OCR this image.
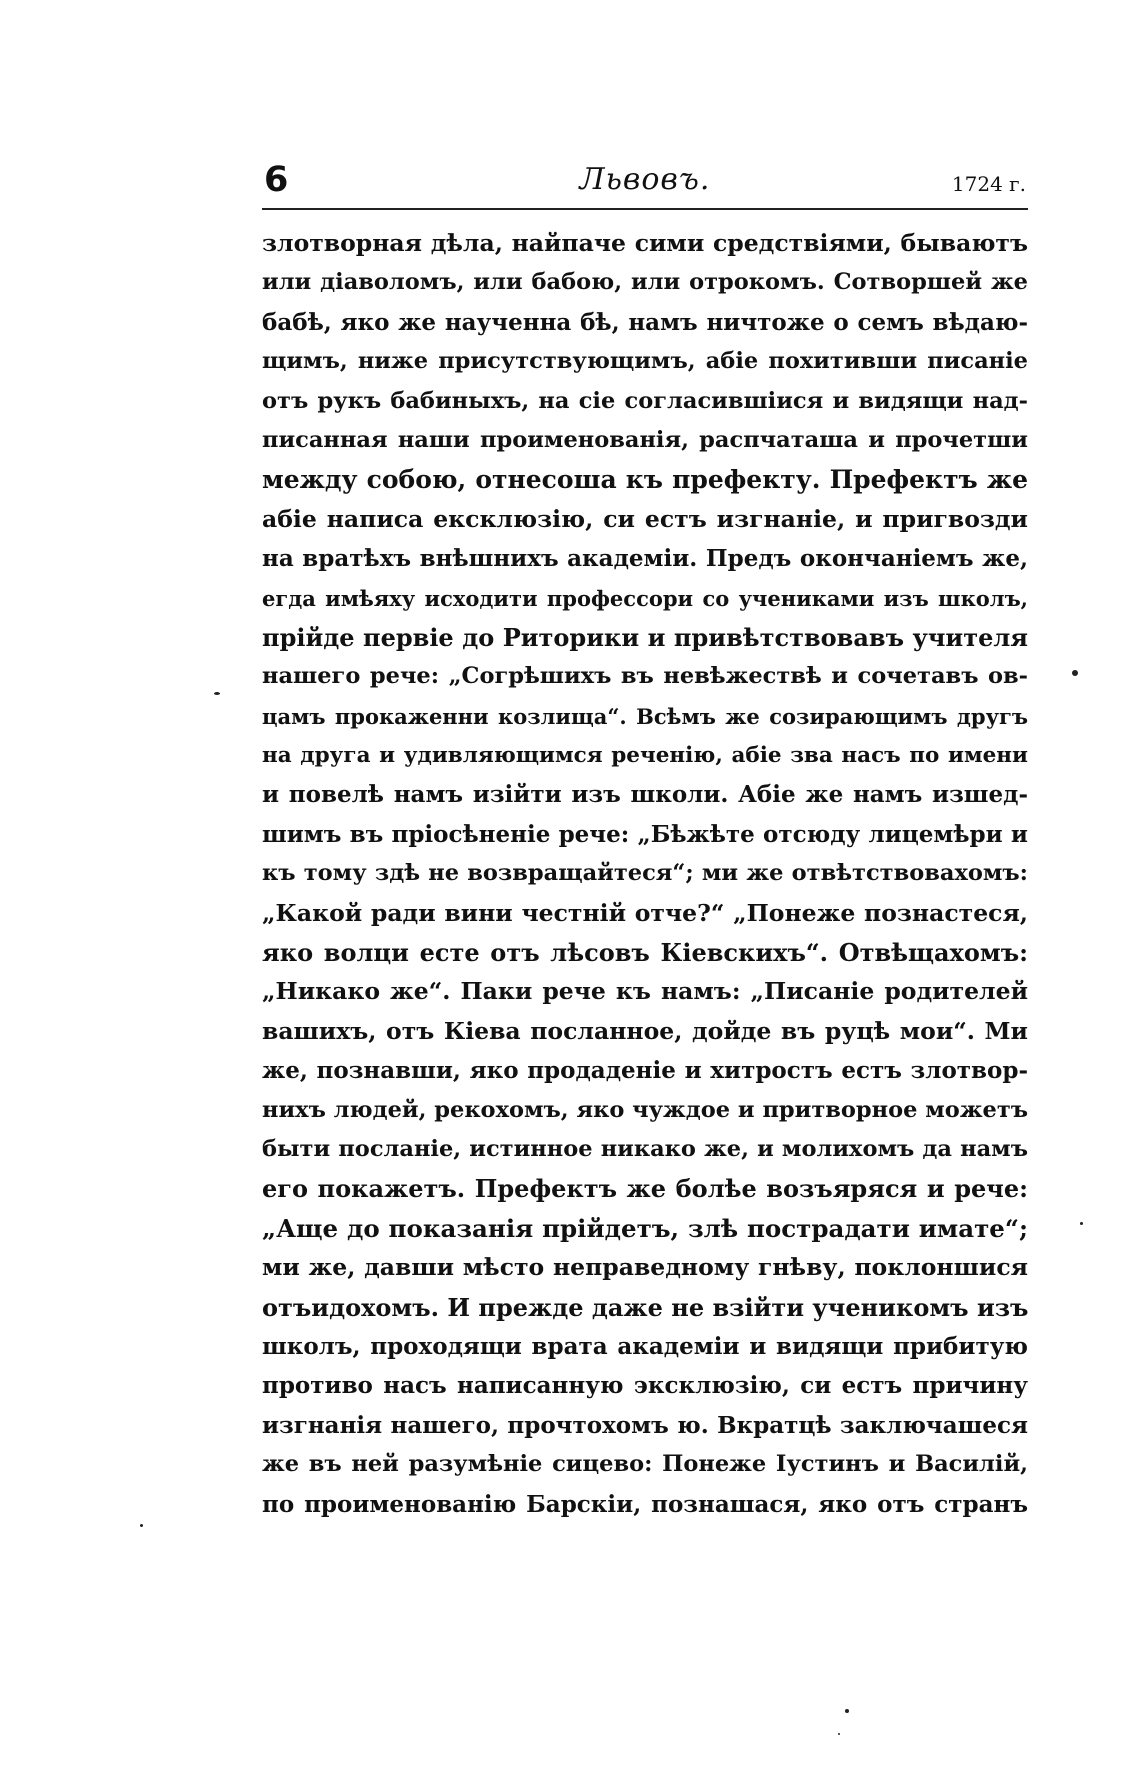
6	Львовъ.	1724 г.
злотворная дѣла, найпаче сими средствіями, бываютъ
или діаволомъ, или бабою, или отрокомъ. Сотворшей же
бабѣ, яко же наученна бѣ, намъ ничтоже о семъ вѣдаю-
щимъ, ниже присутствующимъ, абіе похитивши писаніе
отъ рукъ бабиныхъ, на сіе согласившіися и видящи над-
писанная наши проименованія, распчаташа и прочетши
между собою, отнесоша къ префекту. Префектъ же
абіе написа ексклюзію, си естъ изгнаніе, и пригвозди
на вратѣхъ внѣшнихъ академіи. Предъ окончаніемъ же,
егда имѣяху исходити профессори со учениками изъ школъ,
прійде первіе до Риторики и привѣтствовавъ учителя
нашего рече: „Согрѣшихъ въ невѣжествѣ и сочетавъ ов-
цамъ прокаженни козлища“. Всѣмъ же созирающимъ другъ
на друга и удивляющимся реченію, абіе зва насъ по имени
и повелѣ намъ изійти изъ школи. Абіе же намъ изшед-
шимъ въ пріосѣненіе рече: „Бѣжѣте отсюду лицемѣри и
къ тому здѣ не возвращайтеся“; ми же отвѣтствовахомъ:
„Какой ради вини честній отче?“ „Понеже познастеся,
яко волци есте отъ лѣсовъ Кіевскихъ“. Отвѣщахомъ:
„Никако же“. Паки рече къ намъ: „Писаніе родителей
вашихъ, отъ Кіева посланное, дойде въ руцѣ мои“. Ми
же, познавши, яко продаденіе и хитростъ естъ злотвор-
нихъ людей, рекохомъ, яко чуждое и притворное можетъ
быти посланіе, истинное никако же, и молихомъ да намъ
его покажетъ. Префектъ же болѣе возъяряся и рече:
„Аще до показанія прійдетъ, злѣ пострадати имате“;
ми же, давши мѣсто неправедному гнѣву, поклоншися
отъидохомъ. И прежде даже не взійти ученикомъ изъ
школъ, проходящи врата академіи и видящи прибитую
противо насъ написанную эксклюзію, си естъ причину
изгнанія нашего, прочтохомъ ю. Вкратцѣ заключашеся
же въ ней разумѣніе сицево: Понеже Іустинъ и Василій,
по проименованію Барскіи, познашася, яко отъ странъ
